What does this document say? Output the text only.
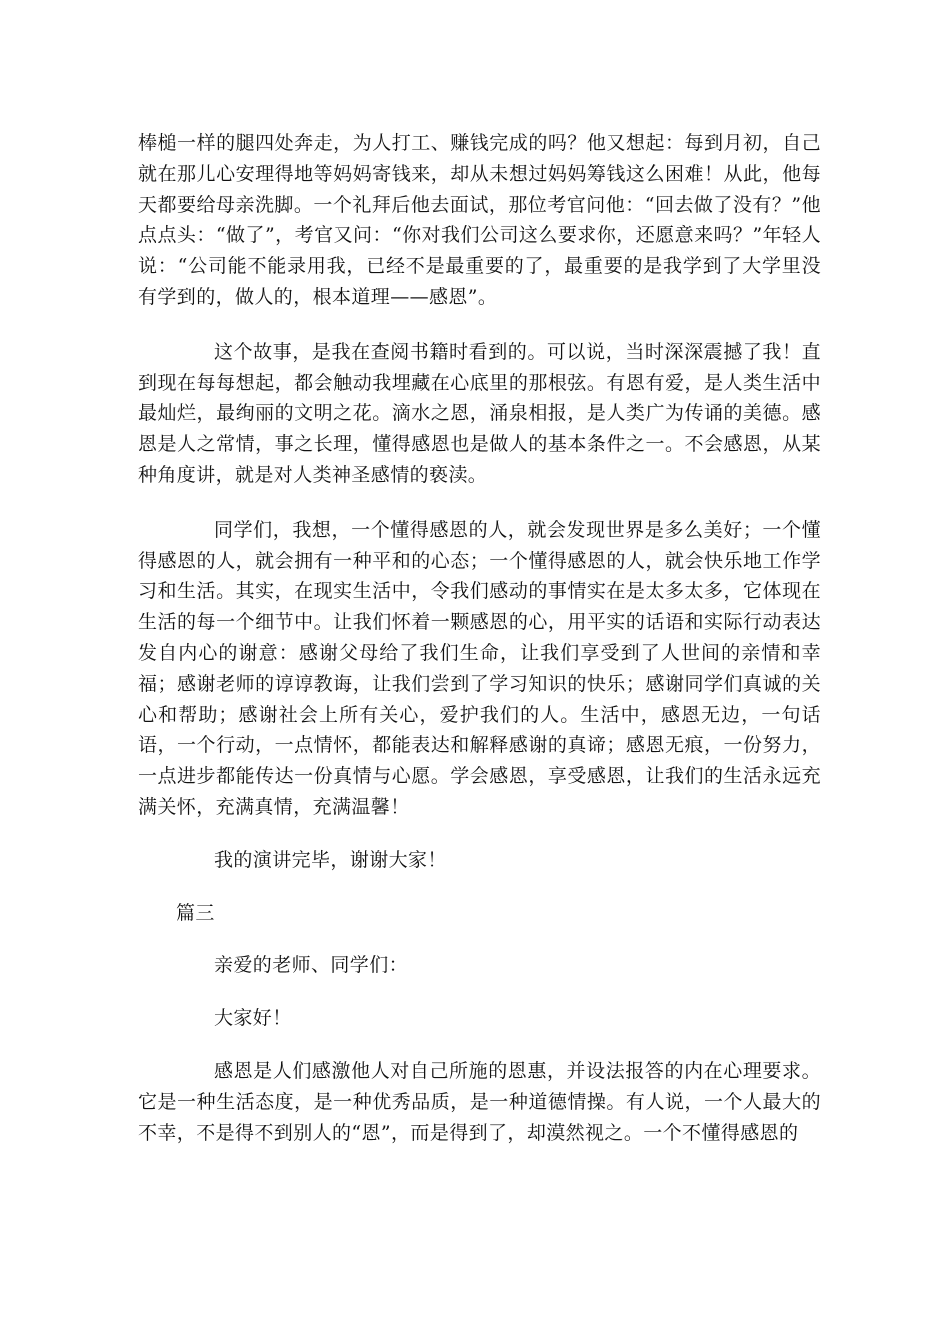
棒槌一样的腿四处奔走，为人打工、赚钱完成的吗？他又想起：每到月初，自己就在那儿心安理得地等妈妈寄钱来，却从未想过妈妈筹钱这么困难！从此，他每天都要给母亲洗脚。一个礼拜后他去面试，那位考官问他：“回去做了没有？”他点点头：“做了”，考官又问：“你对我们公司这么要求你，还愿意来吗？”年轻人说：“公司能不能录用我，已经不是最重要的了，最重要的是我学到了大学里没有学到的，做人的，根本道理——感恩”。

这个故事，是我在查阅书籍时看到的。可以说，当时深深震撼了我！直到现在每每想起，都会触动我埋藏在心底里的那根弦。有恩有爱，是人类生活中最灿烂，最绚丽的文明之花。滴水之恩，涌泉相报，是人类广为传诵的美德。感恩是人之常情，事之长理，懂得感恩也是做人的基本条件之一。不会感恩，从某种角度讲，就是对人类神圣感情的亵渎。

同学们，我想，一个懂得感恩的人，就会发现世界是多么美好；一个懂得感恩的人，就会拥有一种平和的心态；一个懂得感恩的人，就会快乐地工作学习和生活。其实，在现实生活中，令我们感动的事情实在是太多太多，它体现在生活的每一个细节中。让我们怀着一颗感恩的心，用平实的话语和实际行动表达发自内心的谢意：感谢父母给了我们生命，让我们享受到了人世间的亲情和幸福；感谢老师的谆谆教诲，让我们尝到了学习知识的快乐；感谢同学们真诚的关心和帮助；感谢社会上所有关心，爱护我们的人。生活中，感恩无边，一句话语，一个行动，一点情怀，都能表达和解释感谢的真谛；感恩无痕，一份努力，一点进步都能传达一份真情与心愿。学会感恩，享受感恩，让我们的生活永远充满关怀，充满真情，充满温馨！

我的演讲完毕，谢谢大家！

篇三

亲爱的老师、同学们：

大家好！

感恩是人们感激他人对自己所施的恩惠，并设法报答的内在心理要求。它是一种生活态度，是一种优秀品质，是一种道德情操。有人说，一个人最大的不幸，不是得不到别人的“恩”，而是得到了，却漠然视之。一个不懂得感恩的
